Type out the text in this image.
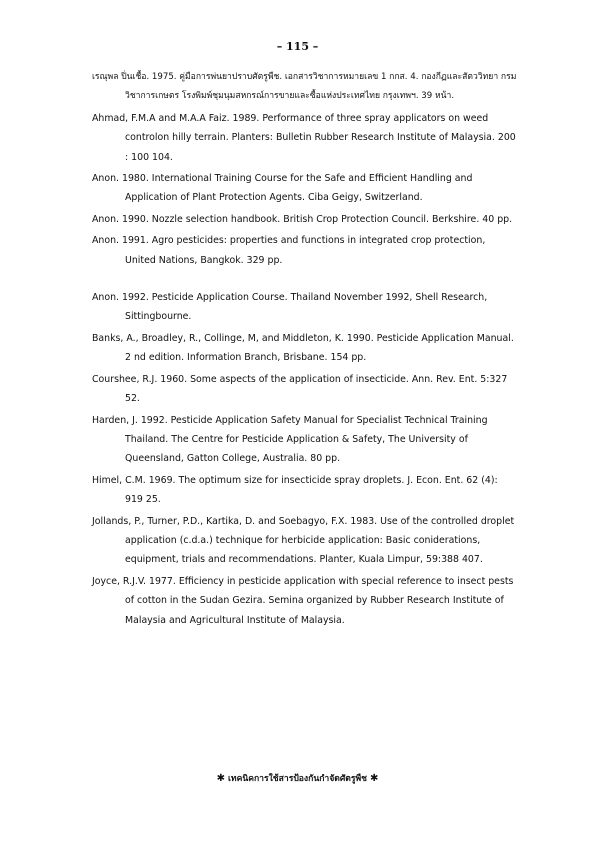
– 115 –
เรณุพล ปิ่นเชื้อ. 1975. คู่มือการพ่นยาปราบศัตรูพืช. เอกสารวิชาการหมายเลข 1 กกส. 4. กองกีฏและสัตววิทยา กรมวิชาการเกษตร โรงพิมพ์ชุมนุมสหกรณ์การขายและซื้อแห่งประเทศไทย กรุงเทพฯ. 39 หน้า.
Ahmad, F.M.A and M.A.A Faiz. 1989. Performance of three spray applicators on weed controlon hilly terrain. Planters: Bulletin Rubber Research Institute of Malaysia. 200 : 100 104.
Anon. 1980. International Training Course for the Safe and Efficient Handling and Application of Plant Protection Agents. Ciba Geigy, Switzerland.
Anon. 1990. Nozzle selection handbook. British Crop Protection Council. Berkshire. 40 pp.
Anon. 1991. Agro pesticides: properties and functions in integrated crop protection, United Nations, Bangkok. 329 pp.
Anon. 1992. Pesticide Application Course. Thailand November 1992, Shell Research, Sittingbourne.
Banks, A., Broadley, R., Collinge, M, and Middleton, K. 1990. Pesticide Application Manual. 2 nd edition. Information Branch, Brisbane. 154 pp.
Courshee, R.J. 1960. Some aspects of the application of insecticide. Ann. Rev. Ent. 5:327 52.
Harden, J. 1992. Pesticide Application Safety Manual for Specialist Technical Training Thailand. The Centre for Pesticide Application & Safety, The University of Queensland, Gatton College, Australia. 80 pp.
Himel, C.M. 1969. The optimum size for insecticide spray droplets. J. Econ. Ent. 62 (4): 919 25.
Jollands, P., Turner, P.D., Kartika, D. and Soebagyo, F.X. 1983. Use of the controlled droplet application (c.d.a.) technique for herbicide application: Basic coniderations, equipment, trials and recommendations. Planter, Kuala Limpur, 59:388 407.
Joyce, R.J.V. 1977. Efficiency in pesticide application with special reference to insect pests of cotton in the Sudan Gezira. Semina organized by Rubber Research Institute of Malaysia and Agricultural Institute of Malaysia.
✱ เทคนิคการใช้สารป้องกันกำจัดศัตรูพืช ✱
